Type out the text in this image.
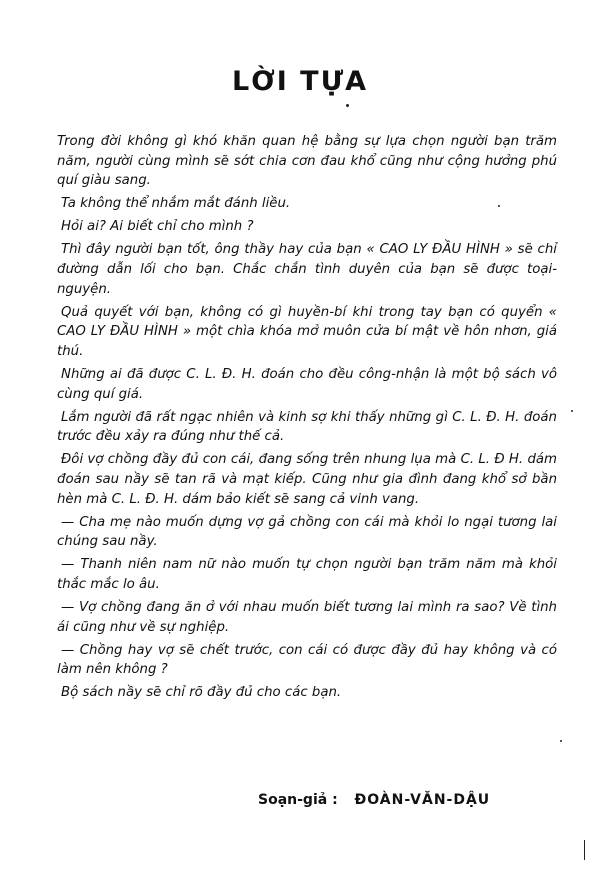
LỜI TỰA

Trong đời không gì khó khăn quan hệ bằng sự lựa chọn người bạn trăm năm, người cùng mình sẽ sớt chia cơn đau khổ cũng như cộng hưởng phú quí giàu sang.

Ta không thể nhắm mắt đánh liều.

Hỏi ai? Ai biết chỉ cho mình ?

Thì đây người bạn tốt, ông thầy hay của bạn « CAO LY ĐẦU HÌNH » sẽ chỉ đường dẫn lối cho bạn. Chắc chắn tình duyên của bạn sẽ được toại-nguyện.

Quả quyết với bạn, không có gì huyền-bí khi trong tay bạn có quyển « CAO LY ĐẦU HÌNH » một chìa khóa mở muôn cửa bí mật về hôn nhơn, giá thú.

Những ai đã được C. L. Đ. H. đoán cho đều công-nhận là một bộ sách vô cùng quí giá.

Lắm người đã rất ngạc nhiên và kinh sợ khi thấy những gì C. L. Đ. H. đoán trước đều xảy ra đúng như thế cả.

Đôi vợ chồng đầy đủ con cái, đang sống trên nhung lụa mà C. L. Đ H. dám đoán sau nầy sẽ tan rã và mạt kiếp. Cũng như gia đình đang khổ sở bần hèn mà C. L. Đ. H. dám bảo kiết sẽ sang cả vinh vang.

— Cha mẹ nào muốn dựng vợ gả chồng con cái mà khỏi lo ngại tương lai chúng sau nầy.

— Thanh niên nam nữ nào muốn tự chọn người bạn trăm năm mà khỏi thắc mắc lo âu.

— Vợ chồng đang ăn ở với nhau muốn biết tương lai mình ra sao? Về tình ái cũng như về sự nghiệp.

— Chồng hay vợ sẽ chết trước, con cái có được đầy đủ hay không và có làm nên không ?

Bộ sách nầy sẽ chỉ rõ đầy đủ cho các bạn.

Soạn-giả : ĐOÀN-VĂN-DẬU
